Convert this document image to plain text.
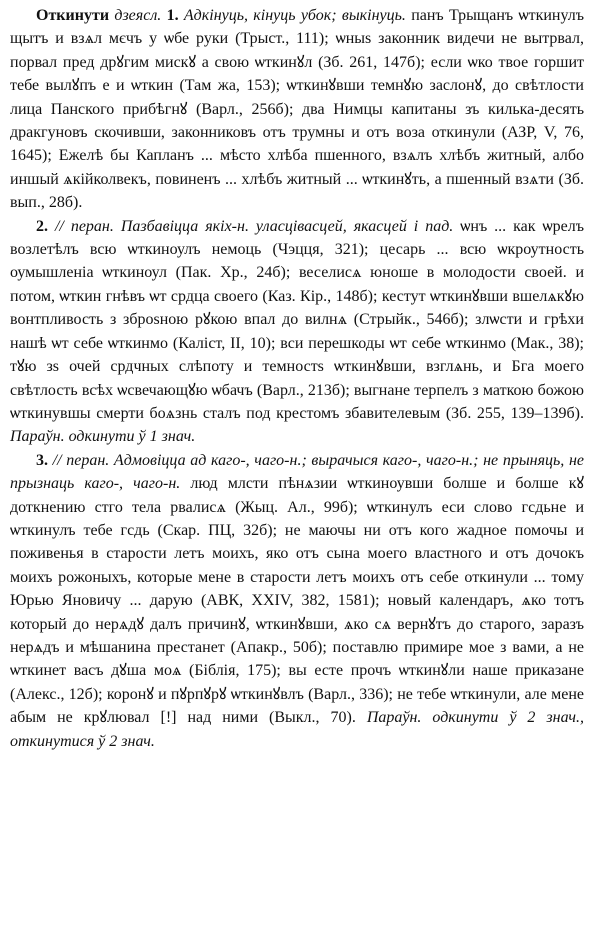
Откинути дзеясл. 1. Адкінуць, кінуць убок; выкінуць. панъ Трыщанъ ѡткинулъ щытъ и взѧл мєчъ у ѡбе руки (Трыст., 111); ѡныѕ законник видечи не вытрвал, порвал пред дрꙋгим мискꙋ а свою ѡткинꙋл (Зб. 261, 147б); если ѡко твое горшит тебе вылꙋпъ е и ѡткин (Там жа, 153); ѡткинꙋвши темнꙋю заслонꙋ, до свѣтлости лица Панского прибѣгнꙋ (Варл., 256б); два Нимцы капитаны зъ килька-десять дракгуновъ скочивши, законниковъ отъ трумны и отъ воза откинули (АЗР, V, 76, 1645); Ежелѣ бы Капланъ ... мѣсто хлѣба пшенного, взѧлъ хлѣбъ житный, албо иншый ѧкійколвекъ, повиненъ ... хлѣбъ житный ... ѡткинꙋть, а пшенный взѧти (Зб. вып., 28б).

2. // перан. Пазбавіцца якіх-н. уласцівасцей, якасцей і пад. ѡнъ ... как ѡрелъ возлетѣлъ всю ѡткиноулъ немоць (Чэцця, 321); цесарь ... всю ѡкроутность оумышленіа ѡткиноул (Пак. Хр., 24б); веселисѧ юноше в молодости своей. и потом, ѡткин гнѣвъ ѡт срдца своего (Каз. Кір., 148б); кестут ѡткинꙋвши вшелѧкꙋю вонтпливость з зброѕною рꙋкою впал до вилнѧ (Стрыйк., 546б); злѡсти и грѣхи нашѣ ѡт себе ѡткинмо (Каліст, II, 10); вси перешкоды ѡт себе ѡткинмо (Мак., 38); тꙋю зѕ очей срдчных слѣпоту и темностѕ ѡткинꙋвши, взглѧнь, и Бга моего свѣтлость всѣх ѡсвечающꙋю ѡбачъ (Варл., 213б); выгнане терпелъ з маткою божою ѡткинувшы смерти боѧзнь сталъ под крестомъ збавителевым (Зб. 255, 139–139б). Параўн. одкинути ў 1 знач.

3. // перан. Адмовіцца ад каго-, чаго-н.; вырачыся каго-, чаго-н.; не прыняць, не прызнаць каго-, чаго-н. люд млсти пѣнѧзии ѡткиноувши болше и болше кꙋ доткнению стго тела рвалисѧ (Жыц. Ал., 99б); ѡткинулъ еси слово гсдьне и ѡткинулъ тебе гсдь (Скар. ПЦ, 32б); не маючы ни отъ кого жадное помочы и поживенья в старости летъ моихъ, яко отъ сына моего властного и отъ дочокъ моихъ рожоныхъ, которые мене в старости летъ моихъ отъ себе откинули ... тому Юрью Яновичу ... дарую (АВК, XXIV, 382, 1581); новый календаръ, ѧко тотъ который до нерѧдꙋ далъ причинꙋ, ѡткинꙋвши, ѧко сѧ вернꙋтъ до старого, заразъ нерѧдъ и мѣшанина престанет (Апакр., 50б); поставлю примире мое з вами, а не ѡткинет васъ дꙋша моѧ (Біблія, 175); вы есте прочъ ѡткинꙋли наше приказане (Алекс., 12б); коронꙋ и пꙋрпꙋрꙋ ѡткинꙋвлъ (Варл., 336); не тебе ѡткинули, але мене абым не крꙋлювал [!] над ними (Выкл., 70). Параўн. одкинути ў 2 знач., откинутися ў 2 знач.
